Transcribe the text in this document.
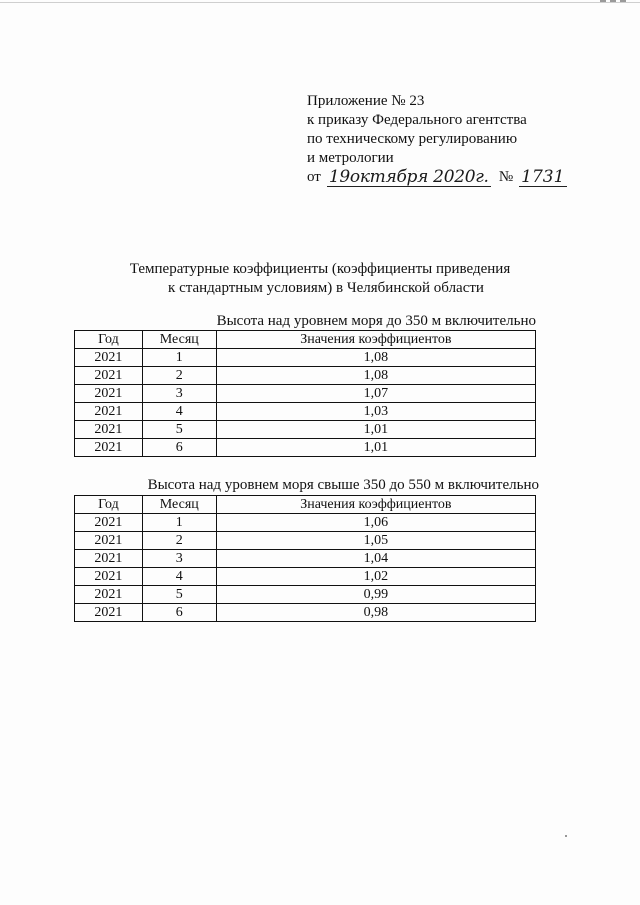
Приложение № 23
к приказу Федерального агентства
по техническому регулированию
и метрологии
от 19октября 2020г. № 1731
Температурные коэффициенты (коэффициенты приведения
к стандартным условиям) в Челябинской области
Высота над уровнем моря до 350 м включительно
Год	Месяц	Значения коэффициентов
2021	1	1,08
2021	2	1,08
2021	3	1,07
2021	4	1,03
2021	5	1,01
2021	6	1,01
Высота над уровнем моря свыше 350 до 550 м включительно
Год	Месяц	Значения коэффициентов
2021	1	1,06
2021	2	1,05
2021	3	1,04
2021	4	1,02
2021	5	0,99
2021	6	0,98
